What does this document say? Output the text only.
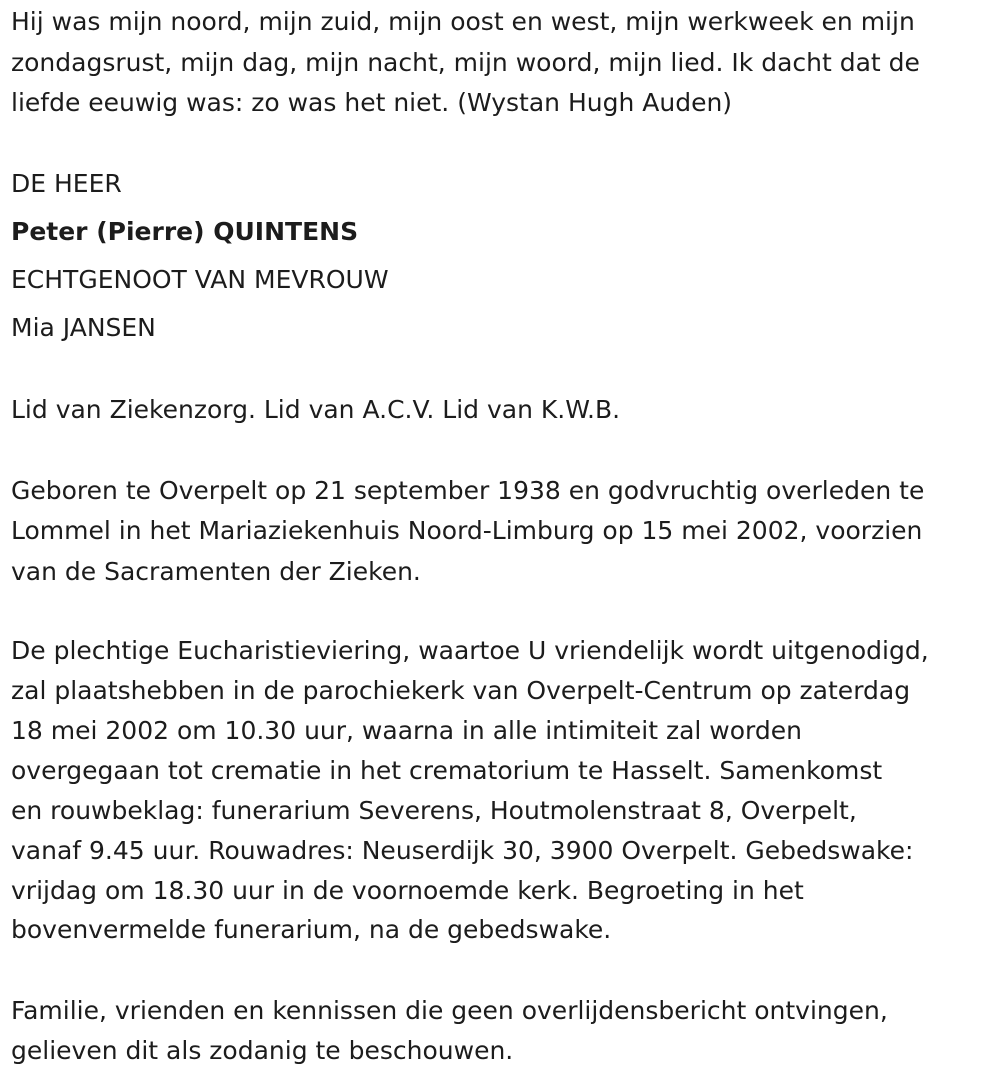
Hij was mijn noord, mijn zuid, mijn oost en west, mijn werkweek en mijn
zondagsrust, mijn dag, mijn nacht, mijn woord, mijn lied. Ik dacht dat de
liefde eeuwig was: zo was het niet. (Wystan Hugh Auden)
DE HEER
Peter (Pierre) QUINTENS
ECHTGENOOT VAN MEVROUW
Mia JANSEN
Lid van Ziekenzorg. Lid van A.C.V. Lid van K.W.B.
Geboren te Overpelt op 21 september 1938 en godvruchtig overleden te
Lommel in het Mariaziekenhuis Noord-Limburg op 15 mei 2002, voorzien
van de Sacramenten der Zieken.
De plechtige Eucharistieviering, waartoe U vriendelijk wordt uitgenodigd,
zal plaatshebben in de parochiekerk van Overpelt-Centrum op zaterdag
18 mei 2002 om 10.30 uur, waarna in alle intimiteit zal worden
overgegaan tot crematie in het crematorium te Hasselt. Samenkomst
en rouwbeklag: funerarium Severens, Houtmolenstraat 8, Overpelt,
vanaf 9.45 uur. Rouwadres: Neuserdijk 30, 3900 Overpelt. Gebedswake:
vrijdag om 18.30 uur in de voornoemde kerk. Begroeting in het
bovenvermelde funerarium, na de gebedswake.
Familie, vrienden en kennissen die geen overlijdensbericht ontvingen,
gelieven dit als zodanig te beschouwen.
